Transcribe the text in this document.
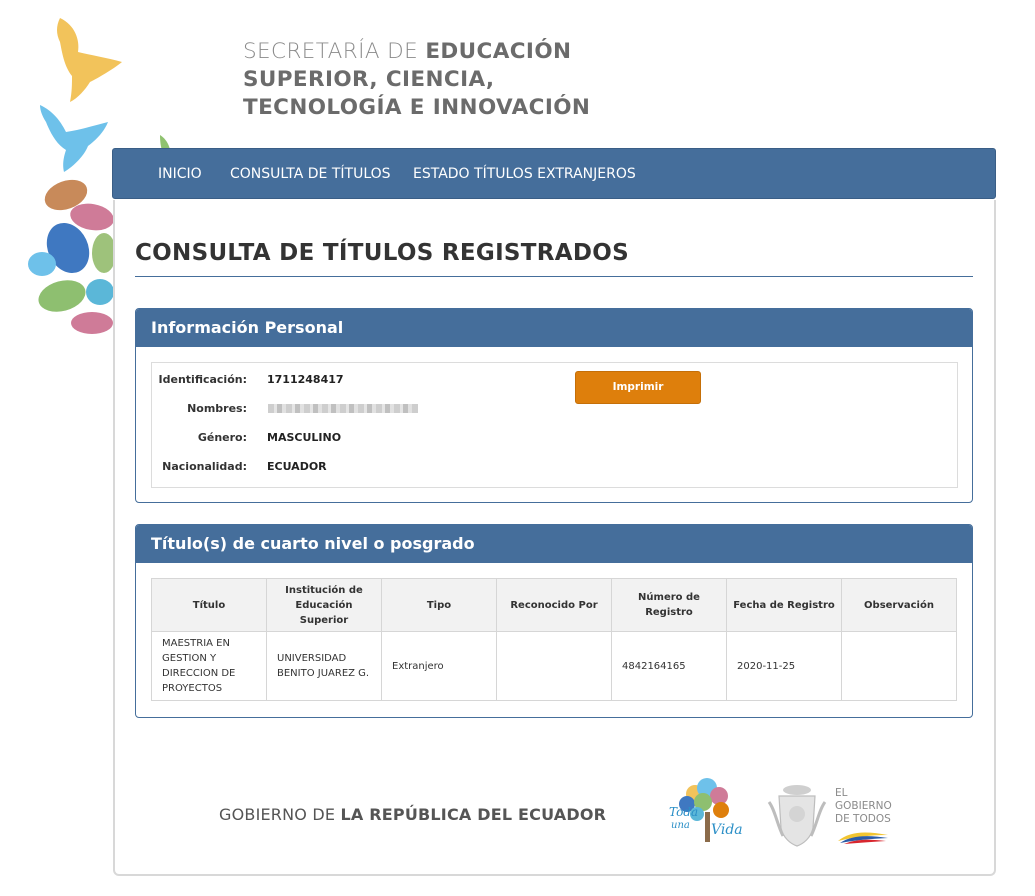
SECRETARÍA DE EDUCACIÓN
SUPERIOR, CIENCIA,
TECNOLOGÍA E INNOVACIÓN
INICIO CONSULTA DE TÍTULOS ESTADO TÍTULOS EXTRANJEROS
CONSULTA DE TÍTULOS REGISTRADOS
Información Personal
Identificación: 1711248417
Nombres:
Género: MASCULINO
Nacionalidad: ECUADOR
Imprimir Información
Título(s) de cuarto nivel o posgrado
Título	Institución de Educación Superior	Tipo	Reconocido Por	Número de Registro	Fecha de Registro	Observación
MAESTRIA EN GESTION Y DIRECCION DE PROYECTOS	UNIVERSIDAD BENITO JUAREZ G.	Extranjero		4842164165	2020-11-25	
GOBIERNO DE LA REPÚBLICA DEL ECUADOR	Toda
una Vida
EL
GOBIERNO
DE TODOS
